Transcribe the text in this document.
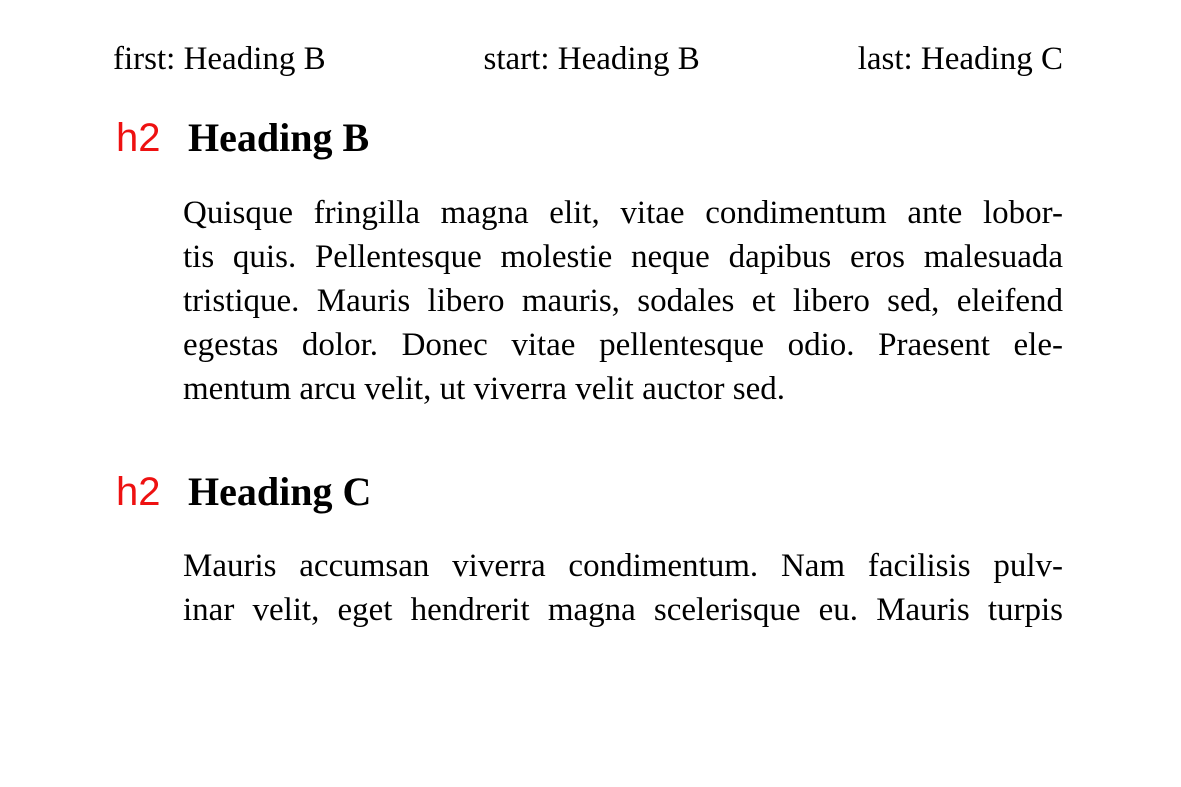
first: Heading B	start: Heading B	last: Heading C
h2 Heading B
Quisque fringilla magna elit, vitae condimentum ante lobor-
tis quis. Pellentesque molestie neque dapibus eros malesuada
tristique. Mauris libero mauris, sodales et libero sed, eleifend
egestas dolor. Donec vitae pellentesque odio. Praesent ele-
mentum arcu velit, ut viverra velit auctor sed.
h2 Heading C
Mauris accumsan viverra condimentum. Nam facilisis pulv-
inar velit, eget hendrerit magna scelerisque eu. Mauris turpis
